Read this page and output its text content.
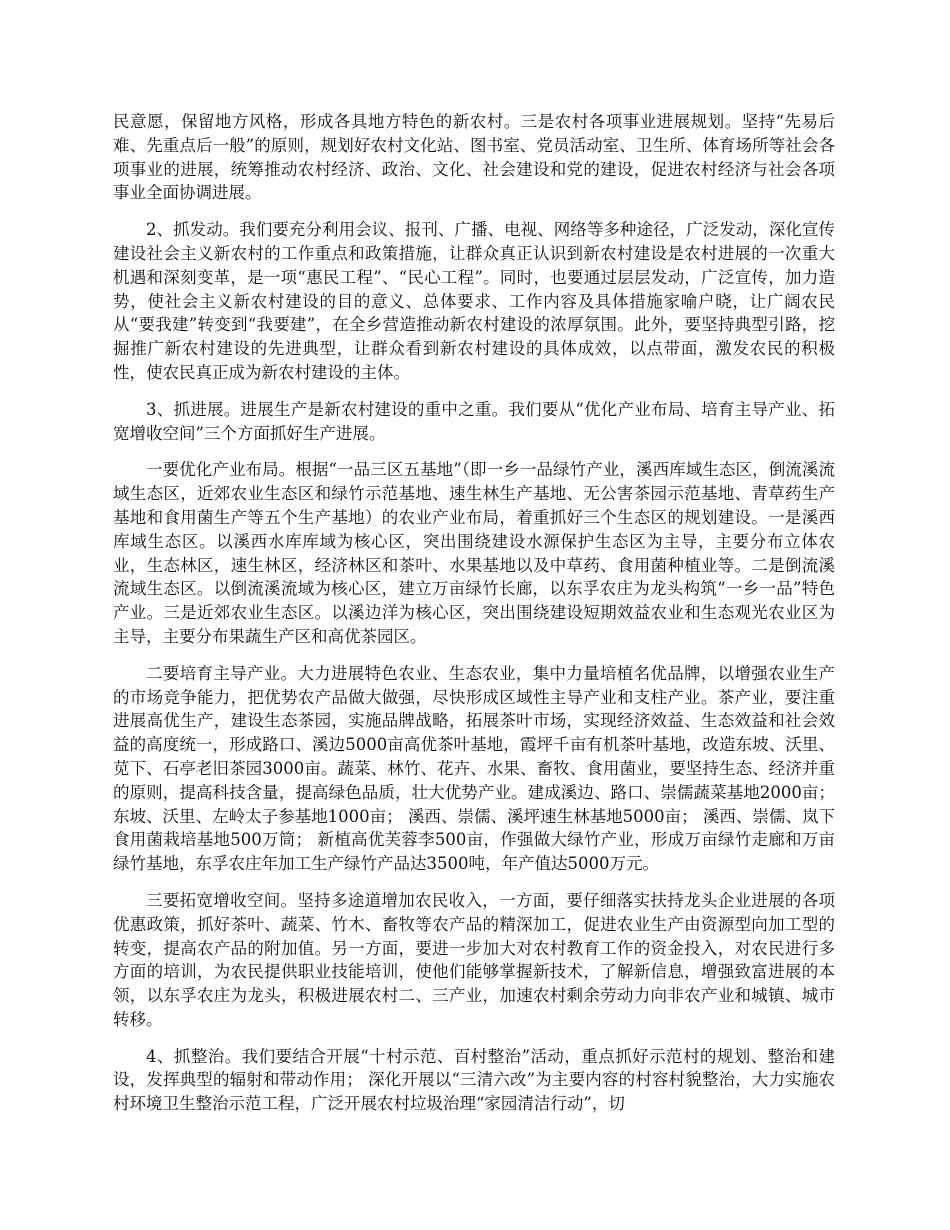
民意愿，保留地方风格，形成各具地方特色的新农村。三是农村各项事业进展规划。坚持“先易后难、先重点后一般”的原则，规划好农村文化站、图书室、党员活动室、卫生所、体育场所等社会各项事业的进展，统筹推动农村经济、政治、文化、社会建设和党的建设，促进农村经济与社会各项事业全面协调进展。

2、抓发动。我们要充分利用会议、报刊、广播、电视、网络等多种途径，广泛发动，深化宣传建设社会主义新农村的工作重点和政策措施，让群众真正认识到新农村建设是农村进展的一次重大机遇和深刻变革，是一项“惠民工程”、“民心工程”。同时，也要通过层层发动，广泛宣传，加力造势，使社会主义新农村建设的目的意义、总体要求、工作内容及具体措施家喻户晓，让广阔农民从“要我建”转变到“我要建”，在全乡营造推动新农村建设的浓厚氛围。此外，要坚持典型引路，挖掘推广新农村建设的先进典型，让群众看到新农村建设的具体成效，以点带面，激发农民的积极性，使农民真正成为新农村建设的主体。

3、抓进展。进展生产是新农村建设的重中之重。我们要从“优化产业布局、培育主导产业、拓宽增收空间”三个方面抓好生产进展。

一要优化产业布局。根据“一品三区五基地”（即一乡一品绿竹产业，溪西库域生态区，倒流溪流域生态区，近郊农业生态区和绿竹示范基地、速生林生产基地、无公害茶园示范基地、青草药生产基地和食用菌生产等五个生产基地）的农业产业布局，着重抓好三个生态区的规划建设。一是溪西库域生态区。以溪西水库库域为核心区，突出围绕建设水源保护生态区为主导，主要分布立体农业，生态林区，速生林区，经济林区和茶叶、水果基地以及中草药、食用菌种植业等。二是倒流溪流域生态区。以倒流溪流域为核心区，建立万亩绿竹长廊，以东孚农庄为龙头构筑“一乡一品”特色产业。三是近郊农业生态区。以溪边洋为核心区，突出围绕建设短期效益农业和生态观光农业区为主导，主要分布果蔬生产区和高优茶园区。

二要培育主导产业。大力进展特色农业、生态农业，集中力量培植名优品牌，以增强农业生产的市场竞争能力，把优势农产品做大做强，尽快形成区域性主导产业和支柱产业。茶产业，要注重进展高优生产，建设生态茶园，实施品牌战略，拓展茶叶市场，实现经济效益、生态效益和社会效益的高度统一，形成路口、溪边5000亩高优茶叶基地，霞坪千亩有机茶叶基地，改造东坡、沃里、苋下、石亭老旧茶园3000亩。蔬菜、林竹、花卉、水果、畜牧、食用菌业，要坚持生态、经济并重的原则，提高科技含量，提高绿色品质，壮大优势产业。建成溪边、路口、崇儒蔬菜基地2000亩； 东坡、沃里、左岭太子参基地1000亩； 溪西、崇儒、溪坪速生林基地5000亩； 溪西、崇儒、岚下食用菌栽培基地500万筒； 新植高优芙蓉李500亩，作强做大绿竹产业，形成万亩绿竹走廊和万亩绿竹基地，东孚农庄年加工生产绿竹产品达3500吨，年产值达5000万元。

三要拓宽增收空间。坚持多途道增加农民收入，一方面，要仔细落实扶持龙头企业进展的各项优惠政策，抓好茶叶、蔬菜、竹木、畜牧等农产品的精深加工，促进农业生产由资源型向加工型的转变，提高农产品的附加值。另一方面，要进一步加大对农村教育工作的资金投入，对农民进行多方面的培训，为农民提供职业技能培训，使他们能够掌握新技术，了解新信息，增强致富进展的本领，以东孚农庄为龙头，积极进展农村二、三产业，加速农村剩余劳动力向非农产业和城镇、城市转移。

4、抓整治。我们要结合开展“十村示范、百村整治”活动，重点抓好示范村的规划、整治和建设，发挥典型的辐射和带动作用； 深化开展以“三清六改”为主要内容的村容村貌整治，大力实施农村环境卫生整治示范工程，广泛开展农村垃圾治理“家园清洁行动”，切
